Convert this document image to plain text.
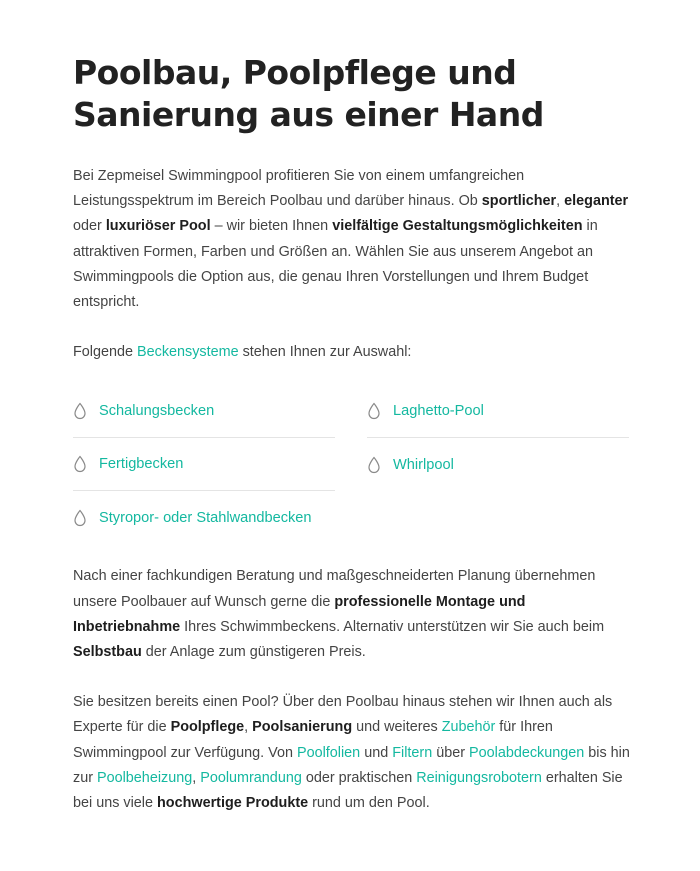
Poolbau, Poolpflege und Sanierung aus einer Hand

Bei Zepmeisel Swimmingpool profitieren Sie von einem umfangreichen Leistungsspektrum im Bereich Poolbau und darüber hinaus. Ob sportlicher, eleganter oder luxuriöser Pool – wir bieten Ihnen vielfältige Gestaltungsmöglichkeiten in attraktiven Formen, Farben und Größen an. Wählen Sie aus unserem Angebot an Swimmingpools die Option aus, die genau Ihren Vorstellungen und Ihrem Budget entspricht.

Folgende Beckensysteme stehen Ihnen zur Auswahl:

Schalungsbecken	Laghetto-Pool
Fertigbecken	Whirlpool
Styropor- oder Stahlwandbecken

Nach einer fachkundigen Beratung und maßgeschneiderten Planung übernehmen unsere Poolbauer auf Wunsch gerne die professionelle Montage und Inbetriebnahme Ihres Schwimmbeckens. Alternativ unterstützen wir Sie auch beim Selbstbau der Anlage zum günstigeren Preis.

Sie besitzen bereits einen Pool? Über den Poolbau hinaus stehen wir Ihnen auch als Experte für die Poolpflege, Poolsanierung und weiteres Zubehör für Ihren Swimmingpool zur Verfügung. Von Poolfolien und Filtern über Poolabdeckungen bis hin zur Poolbeheizung, Poolumrandung oder praktischen Reinigungsrobotern erhalten Sie bei uns viele hochwertige Produkte rund um den Pool.
